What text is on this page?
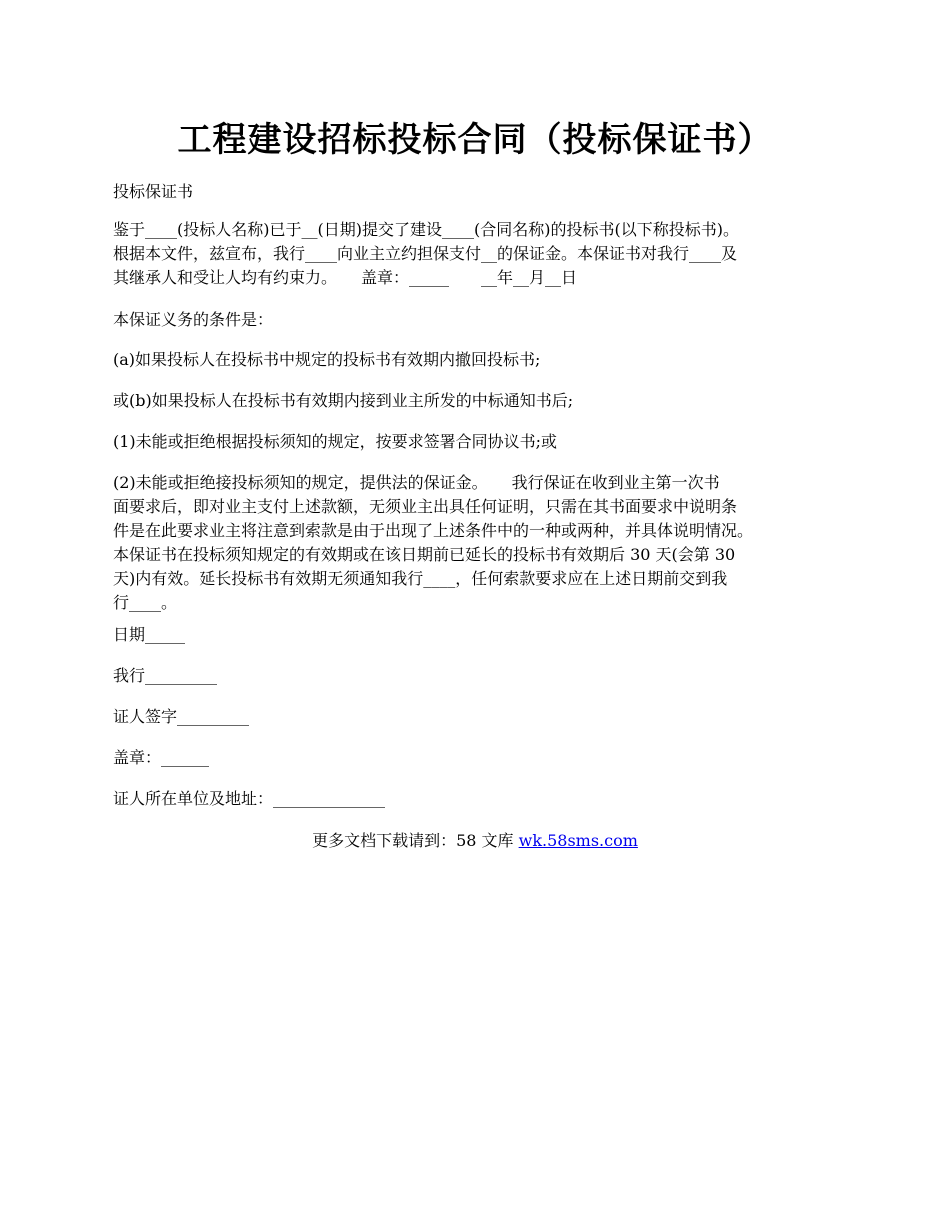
工程建设招标投标合同（投标保证书）
投标保证书

鉴于____(投标人名称)已于__(日期)提交了建设____(合同名称)的投标书(以下称投标书)。

根据本文件，兹宣布，我行____向业主立约担保支付__的保证金。本保证书对我行____及

其继承人和受让人均有约束力。　　盖章：_____　　__年__月__日

本保证义务的条件是：
(a)如果投标人在投标书中规定的投标书有效期内撤回投标书;
或(b)如果投标人在投标书有效期内接到业主所发的中标通知书后;
(1)未能或拒绝根据投标须知的规定，按要求签署合同协议书;或

(2)未能或拒绝接投标须知的规定，提供法的保证金。　　我行保证在收到业主第一次书

面要求后，即对业主支付上述款额，无须业主出具任何证明，只需在其书面要求中说明条

件是在此要求业主将注意到索款是由于出现了上述条件中的一种或两种，并具体说明情况。

本保证书在投标须知规定的有效期或在该日期前已延长的投标书有效期后 30 天(会第 30

天)内有效。延长投标书有效期无须通知我行____，任何索款要求应在上述日期前交到我

行____。

日期_____
我行_________
证人签字_________
盖章：______
证人所在单位及地址：______________
更多文档下载请到：58 文库 wk.58sms.com
